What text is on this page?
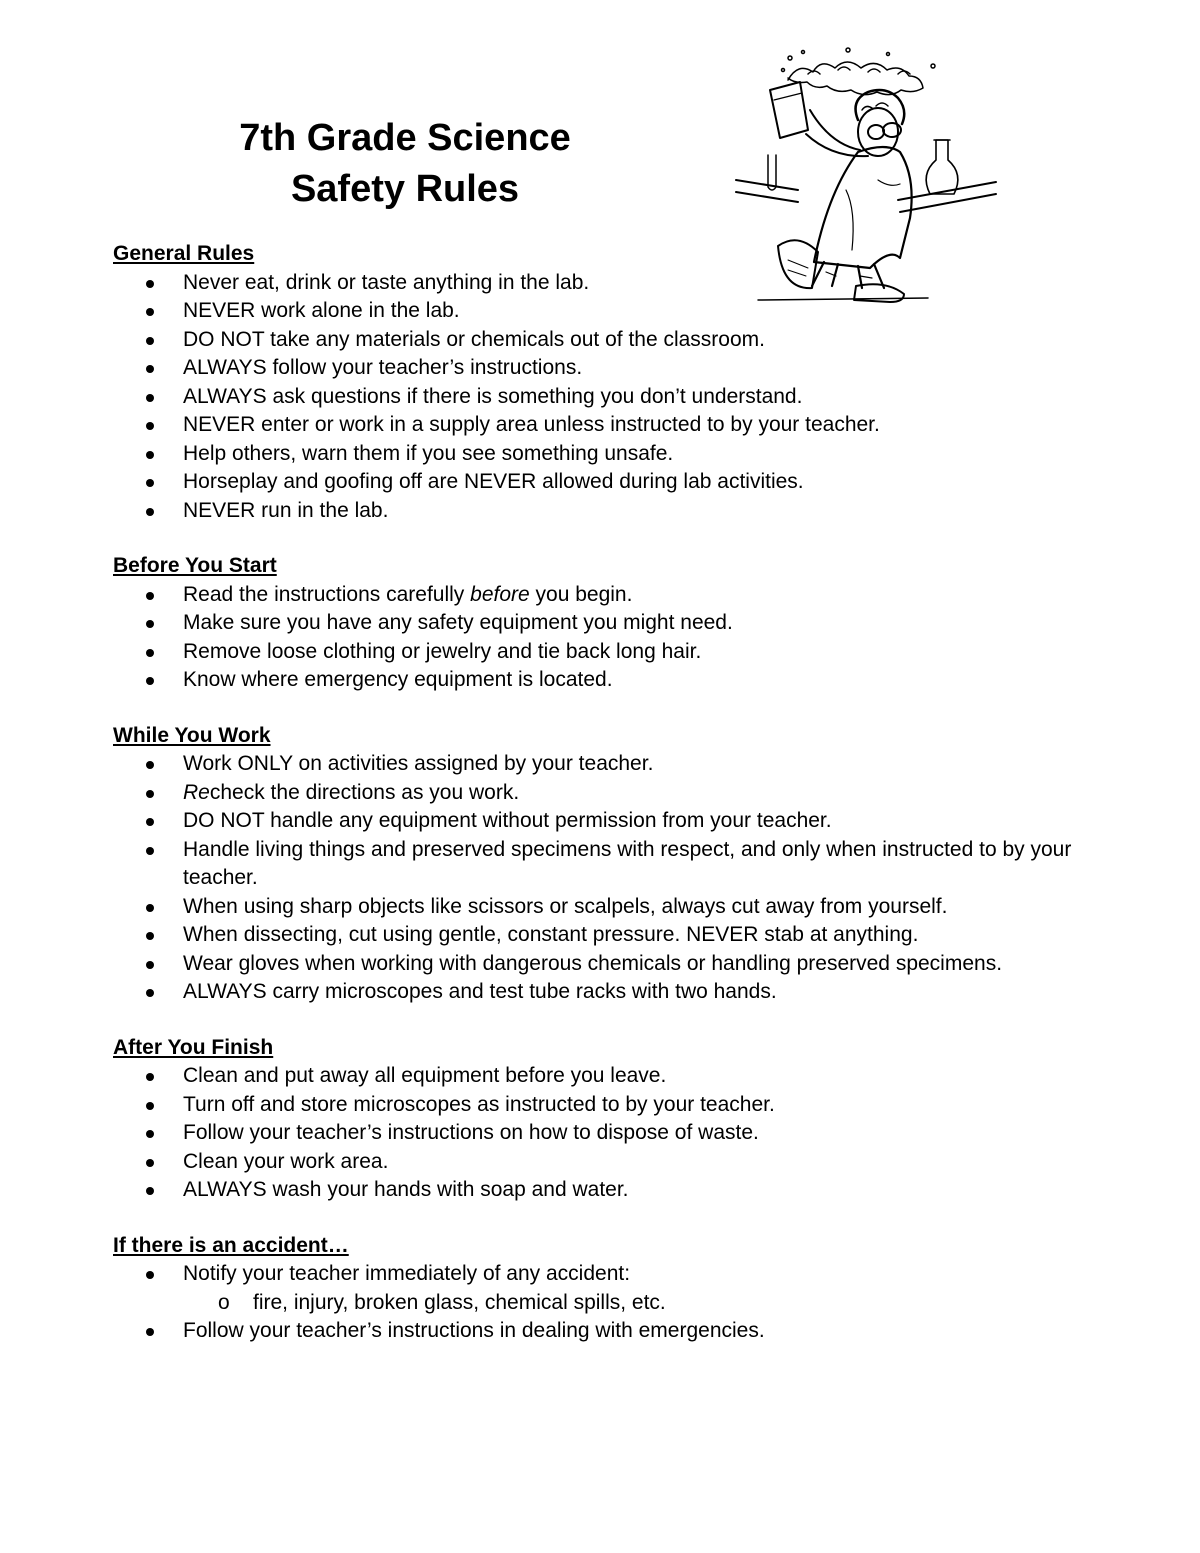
7th Grade Science
Safety Rules
General Rules
Never eat, drink or taste anything in the lab.
NEVER work alone in the lab.
DO NOT take any materials or chemicals out of the classroom.
ALWAYS follow your teacher’s instructions.
ALWAYS ask questions if there is something you don’t understand.
NEVER enter or work in a supply area unless instructed to by your teacher.
Help others, warn them if you see something unsafe.
Horseplay and goofing off are NEVER allowed during lab activities.
NEVER run in the lab.
Before You Start
Read the instructions carefully before you begin.
Make sure you have any safety equipment you might need.
Remove loose clothing or jewelry and tie back long hair.
Know where emergency equipment is located.
While You Work
Work ONLY on activities assigned by your teacher.
Recheck the directions as you work.
DO NOT handle any equipment without permission from your teacher.
Handle living things and preserved specimens with respect, and only when instructed to by your teacher.
When using sharp objects like scissors or scalpels, always cut away from yourself.
When dissecting, cut using gentle, constant pressure. NEVER stab at anything.
Wear gloves when working with dangerous chemicals or handling preserved specimens.
ALWAYS carry microscopes and test tube racks with two hands.
After You Finish
Clean and put away all equipment before you leave.
Turn off and store microscopes as instructed to by your teacher.
Follow your teacher’s instructions on how to dispose of waste.
Clean your work area.
ALWAYS wash your hands with soap and water.
If there is an accident…
Notify your teacher immediately of any accident:
o fire, injury, broken glass, chemical spills, etc.
Follow your teacher’s instructions in dealing with emergencies.
